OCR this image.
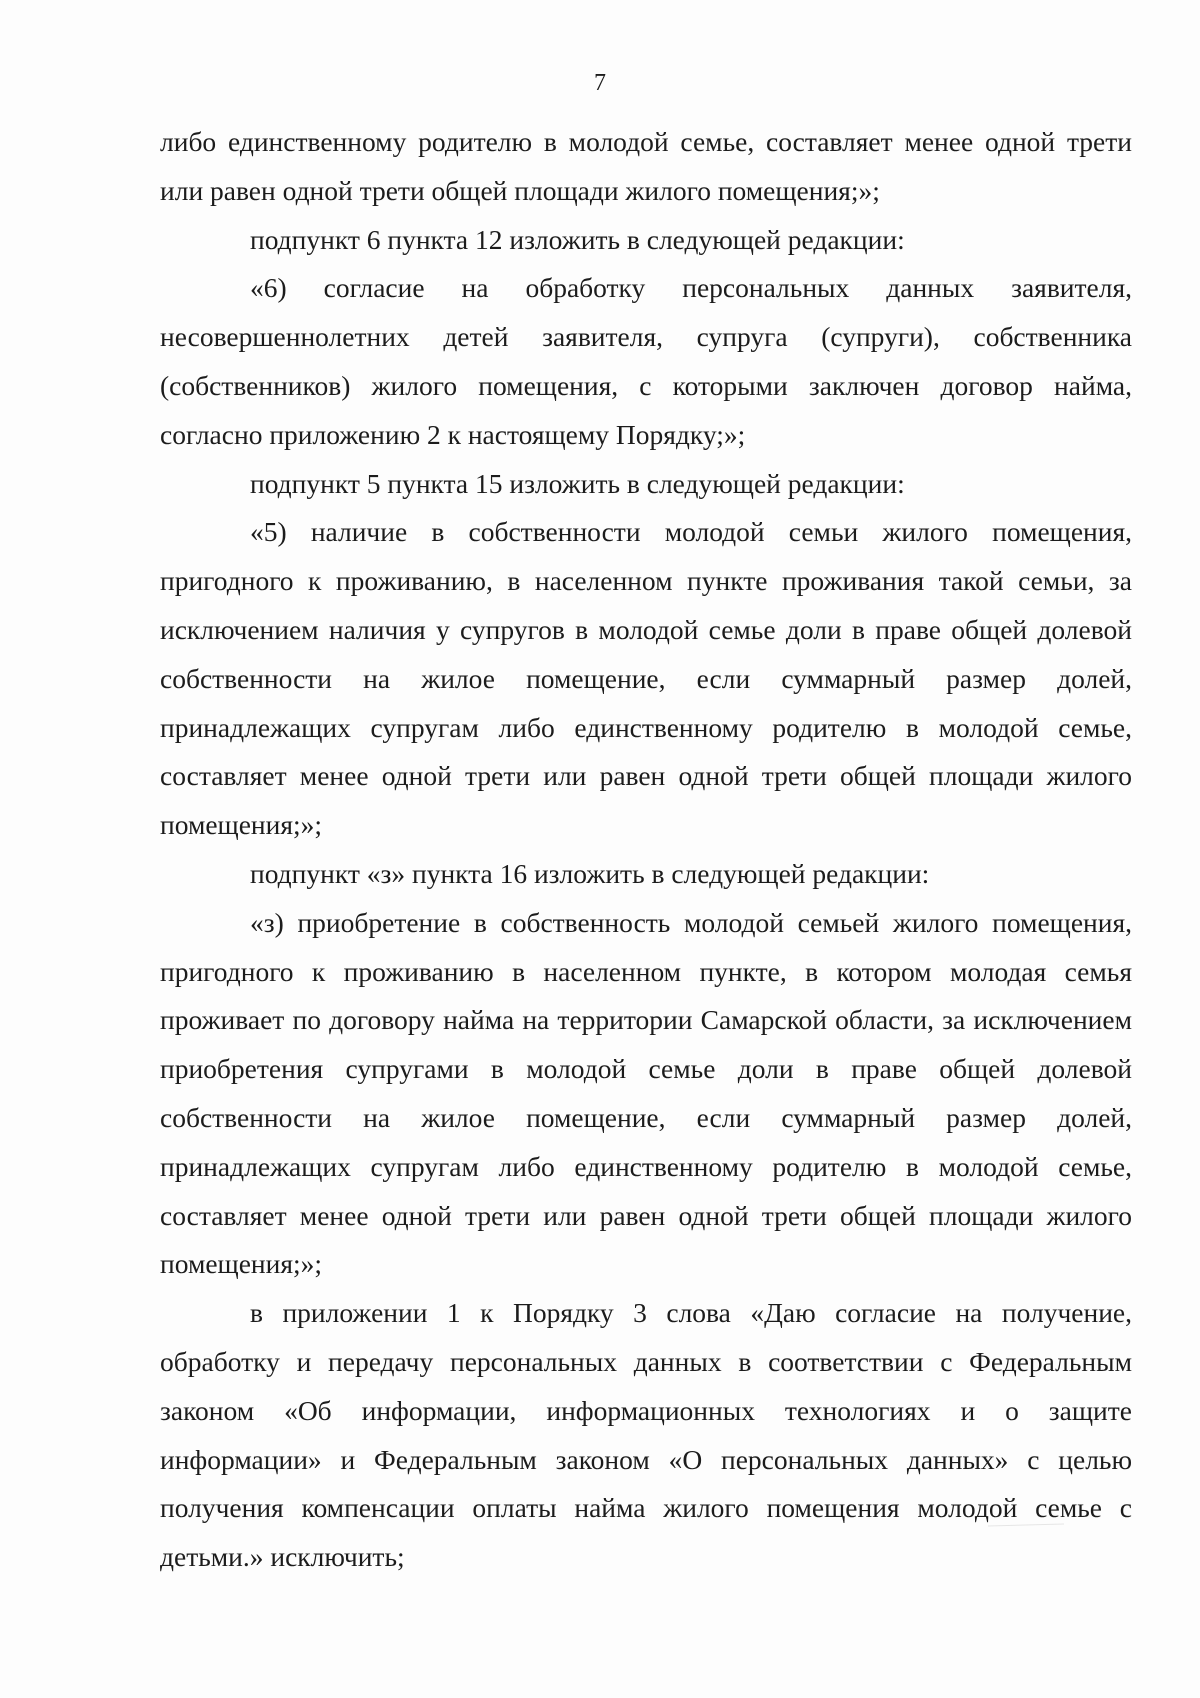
7

либо единственному родителю в молодой семье, составляет менее одной трети или равен одной трети общей площади жилого помещения;»;

подпункт 6 пункта 12 изложить в следующей редакции:

«6) согласие на обработку персональных данных заявителя, несовершеннолетних детей заявителя, супруга (супруги), собственника (собственников) жилого помещения, с которыми заключен договор найма, согласно приложению 2 к настоящему Порядку;»;

подпункт 5 пункта 15 изложить в следующей редакции:

«5) наличие в собственности молодой семьи жилого помещения, пригодного к проживанию, в населенном пункте проживания такой семьи, за исключением наличия у супругов в молодой семье доли в праве общей долевой собственности на жилое помещение, если суммарный размер долей, принадлежащих супругам либо единственному родителю в молодой семье, составляет менее одной трети или равен одной трети общей площади жилого помещения;»;

подпункт «з» пункта 16 изложить в следующей редакции:

«з) приобретение в собственность молодой семьей жилого помещения, пригодного к проживанию в населенном пункте, в котором молодая семья проживает по договору найма на территории Самарской области, за исключением приобретения супругами в молодой семье доли в праве общей долевой собственности на жилое помещение, если суммарный размер долей, принадлежащих супругам либо единственному родителю в молодой семье, составляет менее одной трети или равен одной трети общей площади жилого помещения;»;

в приложении 1 к Порядку 3 слова «Даю согласие на получение, обработку и передачу персональных данных в соответствии с Федеральным законом «Об информации, информационных технологиях и о защите информации» и Федеральным законом «О персональных данных» с целью получения компенсации оплаты найма жилого помещения молодой семье с детьми.» исключить;
